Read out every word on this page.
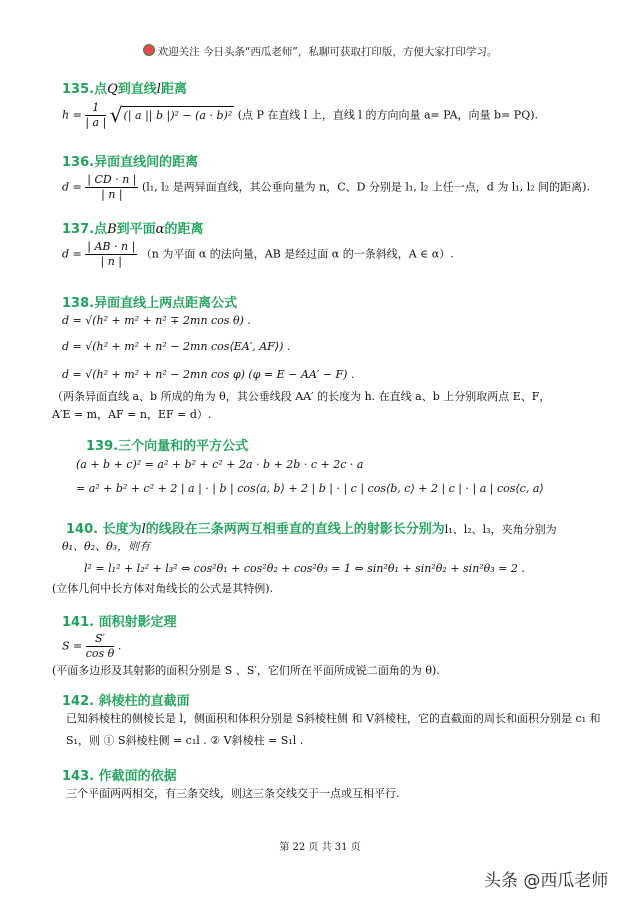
欢迎关注 今日头条“西瓜老师”，私聊可获取打印版，方便大家打印学习。
135.点Q到直线l距离
$h = \frac{1}{| a |}$ √(| a || b |)² − (a · b)² (点 P 在直线 l 上，直线 l 的方向向量 a= PA，向量 b= PQ).
136.异面直线间的距离
$d = \frac{| CD \cdot n |}{| n |} (l_1$, l₂ 是两异面直线，其公垂向量为 n，C、D 分别是 l₁, l₂ 上任一点，d 为 l₁, l₂ 间的距离).
137.点B到平面α的距离
$d = \frac{| AB \cdot n |}{| n |} (n$ 为平面 α 的法向量，AB 是经过面 α 的一条斜线，A ∈ α）.
138.异面直线上两点距离公式
d = √(h² + m² + n² ∓ 2mn cos θ) .
d = √(h² + m² + n² − 2mn cos⟨EA′, AF⟩) .
d = √(h² + m² + n² − 2mn cos φ) (φ = E − AA′ − F) .
（两条异面直线 a、b 所成的角为 θ，其公垂线段 AA′ 的长度为 h. 在直线 a、b 上分别取两点 E、F，
A′E = m，AF = n，EF = d）.
139.三个向量和的平方公式
(a + b + c)² = a² + b² + c² + 2a · b + 2b · c + 2c · a
= a² + b² + c² + 2 | a | · | b | cos⟨a, b⟩ + 2 | b | · | c | cos⟨b, c⟩ + 2 | c | · | a | cos⟨c, a⟩
140. 长度为l的线段在三条两两互相垂直的直线上的射影长分别为l₁、l₂、l₃，夹角分别为
θ₁、θ₂、θ₃，则有
l² = l₁² + l₂² + l₃² ⇔ cos²θ₁ + cos²θ₂ + cos²θ₃ = 1 ⇔ sin²θ₁ + sin²θ₂ + sin²θ₃ = 2 .
(立体几何中长方体对角线长的公式是其特例).
141. 面积射影定理
$S = \frac{S'}{\text{cos θ}}$ .
(平面多边形及其射影的面积分别是 S 、S′，它们所在平面所成锐二面角的为 θ).
142. 斜棱柱的直截面
已知斜棱柱的侧棱长是 l，侧面积和体积分别是 S斜棱柱侧 和 V斜棱柱，它的直截面的周长和面积分别是 c₁ 和
S₁，则 ① S斜棱柱侧 = c₁l . ② V斜棱柱 = S₁l .
143. 作截面的依据
三个平面两两相交，有三条交线，则这三条交线交于一点或互相平行.
第 22 页 共 31 页
头条 @西瓜老师
